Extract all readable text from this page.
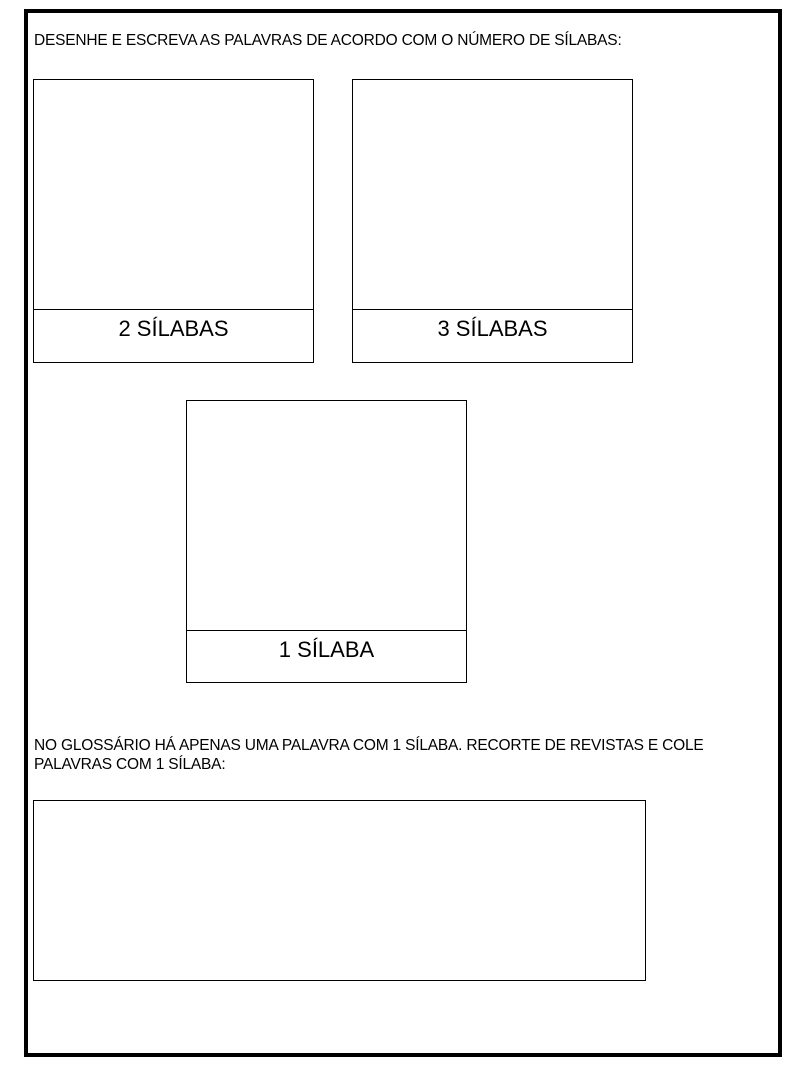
DESENHE E ESCREVA AS PALAVRAS DE ACORDO COM O NÚMERO DE SÍLABAS:
2 SÍLABAS	3 SÍLABAS
1 SÍLABA
NO GLOSSÁRIO HÁ APENAS UMA PALAVRA COM 1 SÍLABA. RECORTE DE REVISTAS E COLE PALAVRAS COM 1 SÍLABA:
